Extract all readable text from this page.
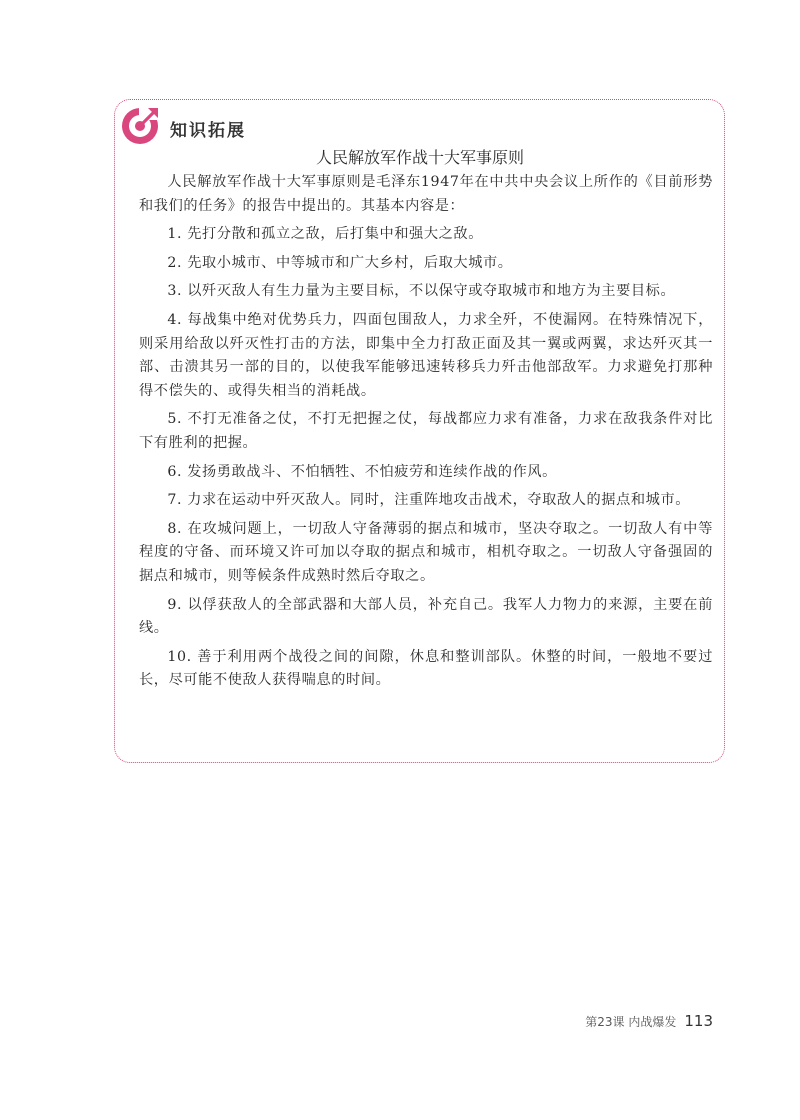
知识拓展
人民解放军作战十大军事原则

人民解放军作战十大军事原则是毛泽东1947年在中共中央会议上所作的《目前形势和我们的任务》的报告中提出的。其基本内容是：

1. 先打分散和孤立之敌，后打集中和强大之敌。

2. 先取小城市、中等城市和广大乡村，后取大城市。

3. 以歼灭敌人有生力量为主要目标，不以保守或夺取城市和地方为主要目标。

4. 每战集中绝对优势兵力，四面包围敌人，力求全歼，不使漏网。在特殊情况下，则采用给敌以歼灭性打击的方法，即集中全力打敌正面及其一翼或两翼，求达歼灭其一部、击溃其另一部的目的，以使我军能够迅速转移兵力歼击他部敌军。力求避免打那种得不偿失的、或得失相当的消耗战。

5. 不打无准备之仗，不打无把握之仗，每战都应力求有准备，力求在敌我条件对比下有胜利的把握。

6. 发扬勇敢战斗、不怕牺牲、不怕疲劳和连续作战的作风。

7. 力求在运动中歼灭敌人。同时，注重阵地攻击战术，夺取敌人的据点和城市。

8. 在攻城问题上，一切敌人守备薄弱的据点和城市，坚决夺取之。一切敌人有中等程度的守备、而环境又许可加以夺取的据点和城市，相机夺取之。一切敌人守备强固的据点和城市，则等候条件成熟时然后夺取之。

9. 以俘获敌人的全部武器和大部人员，补充自己。我军人力物力的来源，主要在前线。

10. 善于利用两个战役之间的间隙，休息和整训部队。休整的时间，一般地不要过长，尽可能不使敌人获得喘息的时间。

第23课 内战爆发 113
